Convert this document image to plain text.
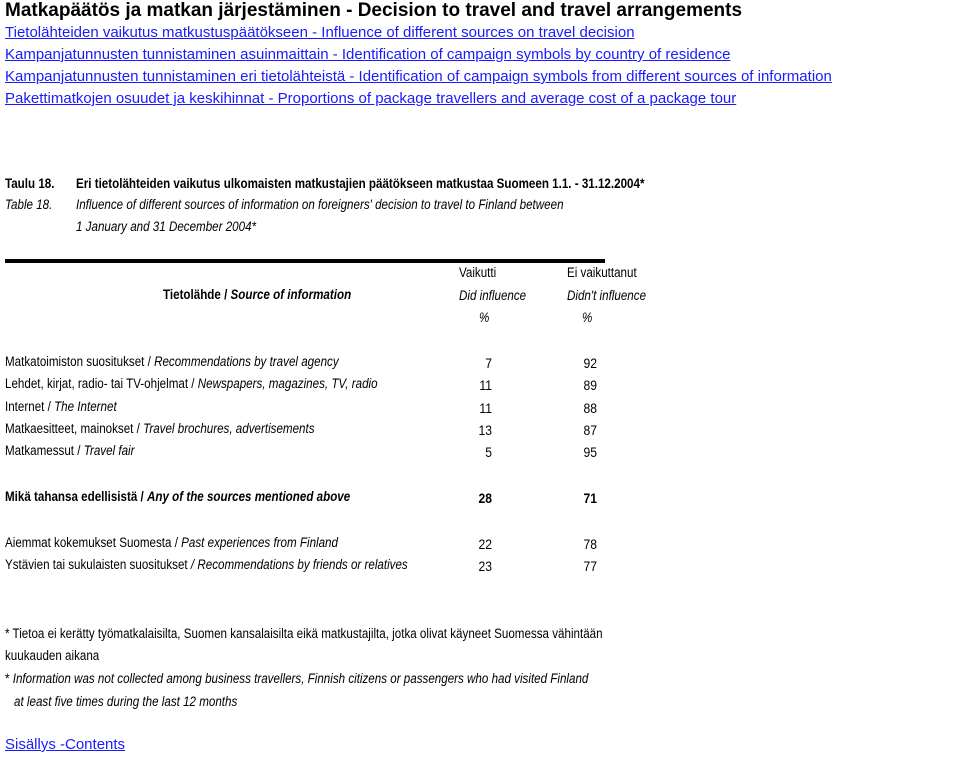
Matkapäätös ja matkan järjestäminen - Decision to travel and travel arrangements
Tietolähteiden vaikutus matkustuspäätökseen - Influence of different sources on travel decision
Kampanjatunnusten tunnistaminen asuinmaittain - Identification of campaign symbols by country of residence
Kampanjatunnusten tunnistaminen eri tietolähteistä - Identification of campaign symbols from different sources of information
Pakettimatkojen osuudet ja keskihinnat - Proportions of package travellers and average cost of a package tour
Taulu 18. Eri tietolähteiden vaikutus ulkomaisten matkustajien päätökseen matkustaa Suomeen 1.1. - 31.12.2004*
Table 18. Influence of different sources of information on foreigners' decision to travel to Finland between
1 January and 31 December 2004*
Tietolähde / Source of information
Vaikutti
Did influence
%
Ei vaikuttanut
Didn't influence
%
Matkatoimiston suositukset / Recommendations by travel agency	7	92
Lehdet, kirjat, radio- tai TV-ohjelmat / Newspapers, magazines, TV, radio	11	89
Internet / The Internet	11	88
Matkaesitteet, mainokset / Travel brochures, advertisements	13	87
Matkamessut / Travel fair	5	95
Mikä tahansa edellisistä / Any of the sources mentioned above	28	71
Aiemmat kokemukset Suomesta / Past experiences from Finland	22	78
Ystävien tai sukulaisten suositukset / Recommendations by friends or relatives	23	77
* Tietoa ei kerätty työmatkalaisilta, Suomen kansalaisilta eikä matkustajilta, jotka olivat käyneet Suomessa vähintään
kuukauden aikana
* Information was not collected among business travellers, Finnish citizens or passengers who had visited Finland
at least five times during the last 12 months
Sisällys -Contents
